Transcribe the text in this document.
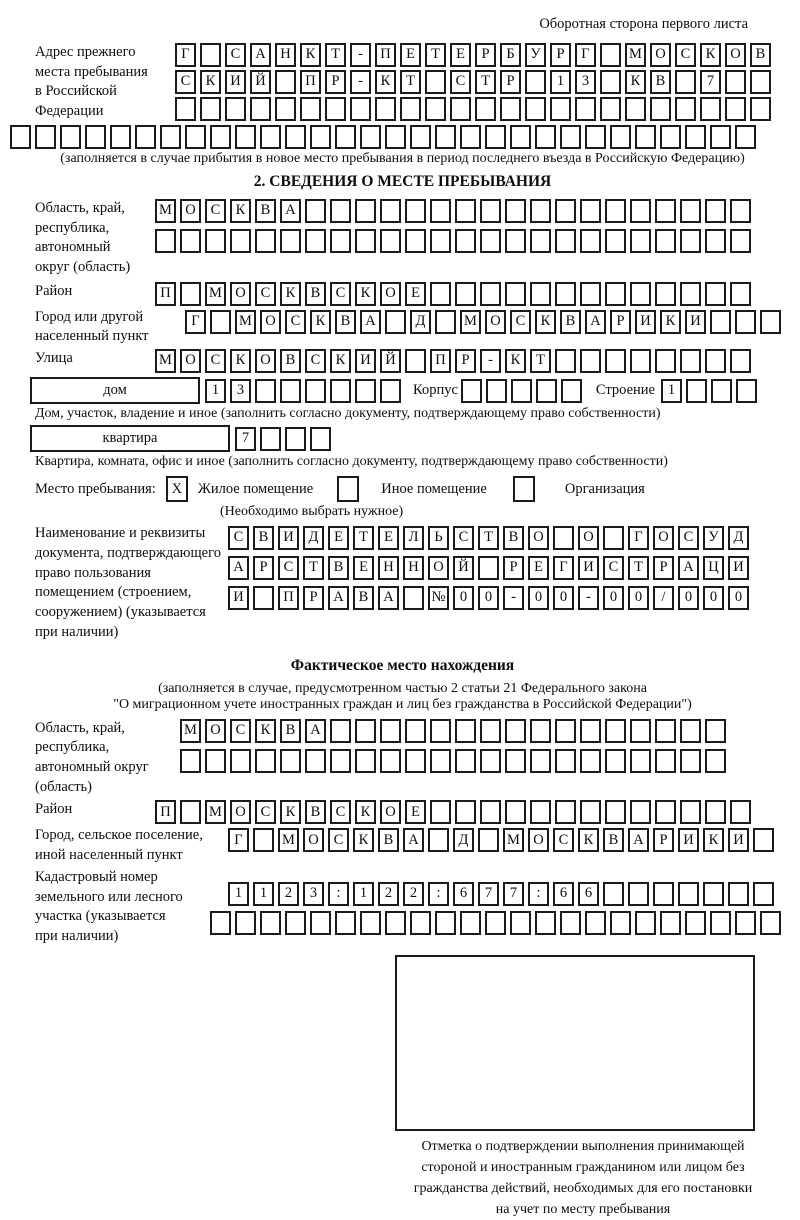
Оборотная сторона первого листа
Адрес прежнего
места пребывания
в Российской
Федерации
Г	С	А	Н	К	Т	-	П	Е	Т	Е	Р	Б	У	Р	Г	М О	С	К	О	В
С	К	И	Й	П	Р	-	К	Т	С	Т	Р	1	3	К	В	7
(заполняется в случае прибытия в новое место пребывания в период последнего въезда в Российскую Федерацию)
2. СВЕДЕНИЯ О МЕСТЕ ПРЕБЫВАНИЯ
Область, край,
республика,
автономный
округ (область)
М О	С	К	В	А
Район	П	М О	С	К	В	С	К	О	Е
Город или другой
населенный пункт
Г	М О	С	К	В	А	Д	М О	С	К	В	А	Р	И	К	И
Улица	М О	С	К	О	В	С	К	И	Й	П	Р	-	К	Т
дом	1	3	Корпус	Строение 1
Дом, участок, владение и иное (заполнить согласно документу, подтверждающему право собственности)
квартира	7
Квартира, комната, офис и иное (заполнить согласно документу, подтверждающему право собственности)
Место пребывания:	X	Жилое помещение	Иное помещение	Организация
(Необходимо выбрать нужное)
Наименование и реквизиты
документа, подтверждающего
право пользования
помещением (строением,
сооружением) (указывается
при наличии)
С	В	И	Д	Е	Т	Е	Л	Ь	С	Т	В	О	О	Г	О	С	У	Д
А	Р	С	Т	В	Е	Н	Н	О	Й	Р	Е	Г	И	С	Т	Р	А	Ц	И
И	П	Р	А	В	А	№ 0	0	-	0	0	-	0	0	/	0	0	0
Фактическое место нахождения
(заполняется в случае, предусмотренном частью 2 статьи 21 Федерального закона
"О миграционном учете иностранных граждан и лиц без гражданства в Российской Федерации")
Область, край,
республика,
автономный округ
(область)
М О	С	К	В	А
Район	П	М О	С	К	В	С	К	О	Е
Город, сельское поселение,
иной населенный пункт
Г	М О	С	К	В	А	Д	М О	С	К	В	А	Р	И	К	И
Кадастровый номер
земельного или лесного
участка (указывается
при наличии)
1	1	2	3	:	1	2	2	:	6	7	7	:	6	6
Отметка о подтверждении выполнения принимающей
стороной и иностранным гражданином или лицом без
гражданства действий, необходимых для его постановки
на учет по месту пребывания
